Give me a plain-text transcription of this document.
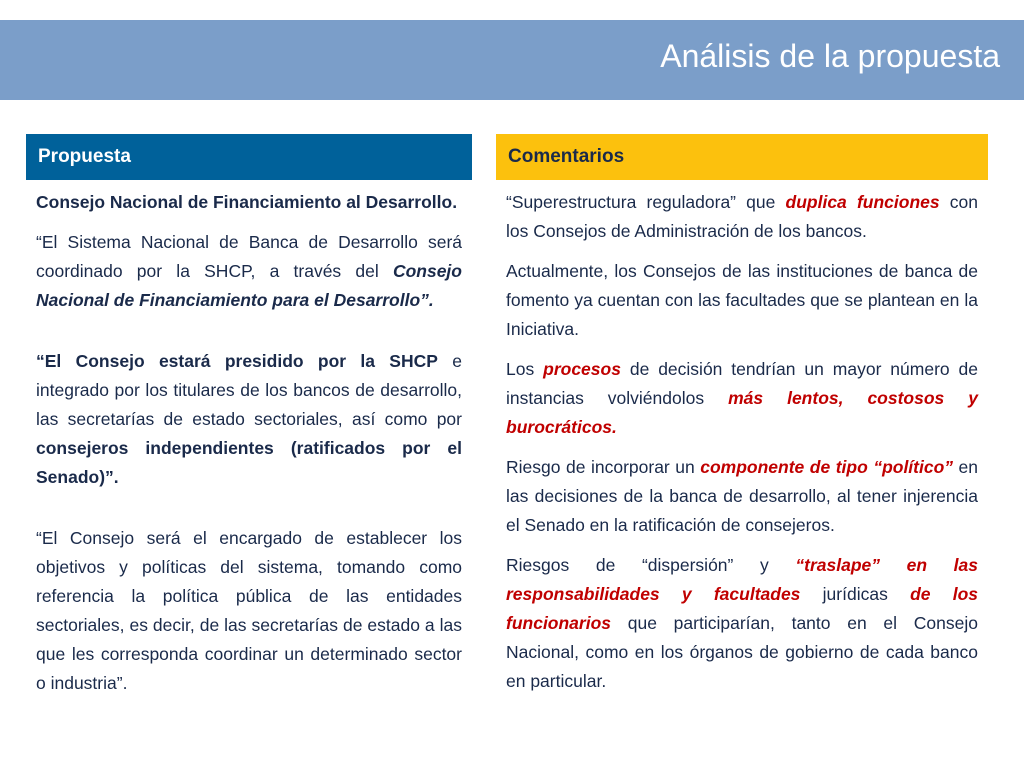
Análisis de la propuesta
Propuesta

Consejo Nacional de Financiamiento al Desarrollo.

“El Sistema Nacional de Banca de Desarrollo será coordinado por la SHCP, a través del Consejo Nacional de Financiamiento para el Desarrollo”.

“El Consejo estará presidido por la SHCP e integrado por los titulares de los bancos de desarrollo, las secretarías de estado sectoriales, así como por consejeros independientes (ratificados por el Senado)”.

“El Consejo será el encargado de establecer los objetivos y políticas del sistema, tomando como referencia la política pública de las entidades sectoriales, es decir, de las secretarías de estado a las que les corresponda coordinar un determinado sector o industria”.

Comentarios

“Superestructura reguladora” que duplica funciones con los Consejos de Administración de los bancos.

Actualmente, los Consejos de las instituciones de banca de fomento ya cuentan con las facultades que se plantean en la Iniciativa.

Los procesos de decisión tendrían un mayor número de instancias volviéndolos más lentos, costosos y burocráticos.

Riesgo de incorporar un componente de tipo “político” en las decisiones de la banca de desarrollo, al tener injerencia el Senado en la ratificación de consejeros.

Riesgos de “dispersión” y “traslape” en las responsabilidades y facultades jurídicas de los funcionarios que participarían, tanto en el Consejo Nacional, como en los órganos de gobierno de cada banco en particular.
